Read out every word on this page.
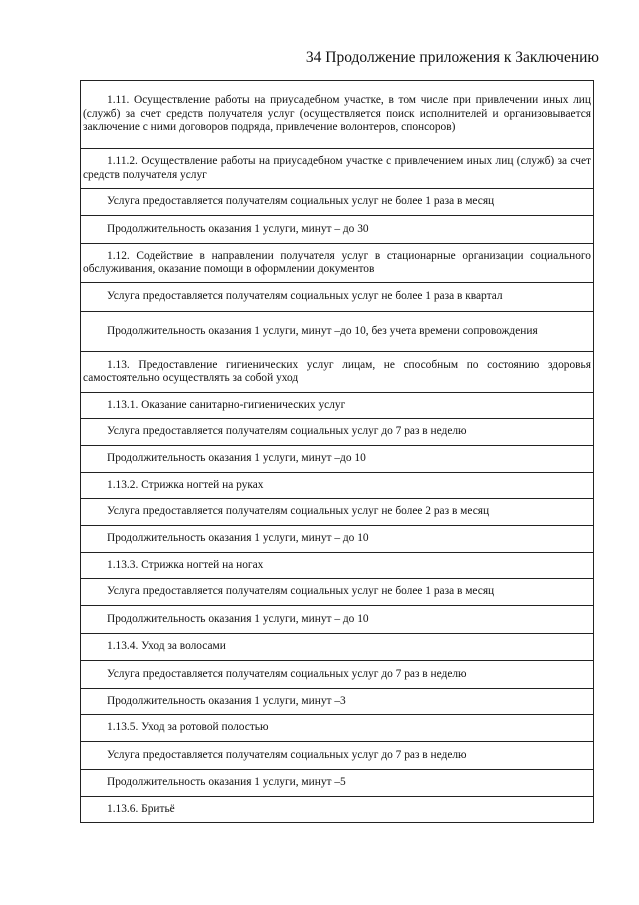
34 Продолжение приложения к Заключению
1.11. Осуществление работы на приусадебном участке, в том числе при привлечении иных лиц (служб) за счет средств получателя услуг (осуществляется поиск исполнителей и организовывается заключение с ними договоров подряда, привлечение волонтеров, спонсоров)
1.11.2. Осуществление работы на приусадебном участке с привлечением иных лиц (служб) за счет средств получателя услуг
Услуга предоставляется получателям социальных услуг не более 1 раза в месяц
Продолжительность оказания 1 услуги, минут – до 30
1.12. Содействие в направлении получателя услуг в стационарные организации социального обслуживания, оказание помощи в оформлении документов
Услуга предоставляется получателям социальных услуг не более 1 раза в квартал
Продолжительность оказания 1 услуги, минут –до 10, без учета времени сопровождения
1.13. Предоставление гигиенических услуг лицам, не способным по состоянию здоровья самостоятельно осуществлять за собой уход
1.13.1. Оказание санитарно-гигиенических услуг
Услуга предоставляется получателям социальных услуг до 7 раз в неделю
Продолжительность оказания 1 услуги, минут –до 10
1.13.2. Стрижка ногтей на руках
Услуга предоставляется получателям социальных услуг не более 2 раз в месяц
Продолжительность оказания 1 услуги, минут – до 10
1.13.3. Стрижка ногтей на ногах
Услуга предоставляется получателям социальных услуг не более 1 раза в месяц
Продолжительность оказания 1 услуги, минут – до 10
1.13.4. Уход за волосами
Услуга предоставляется получателям социальных услуг до 7 раз в неделю
Продолжительность оказания 1 услуги, минут –3
1.13.5. Уход за ротовой полостью
Услуга предоставляется получателям социальных услуг до 7 раз в неделю
Продолжительность оказания 1 услуги, минут –5
1.13.6. Бритьё
